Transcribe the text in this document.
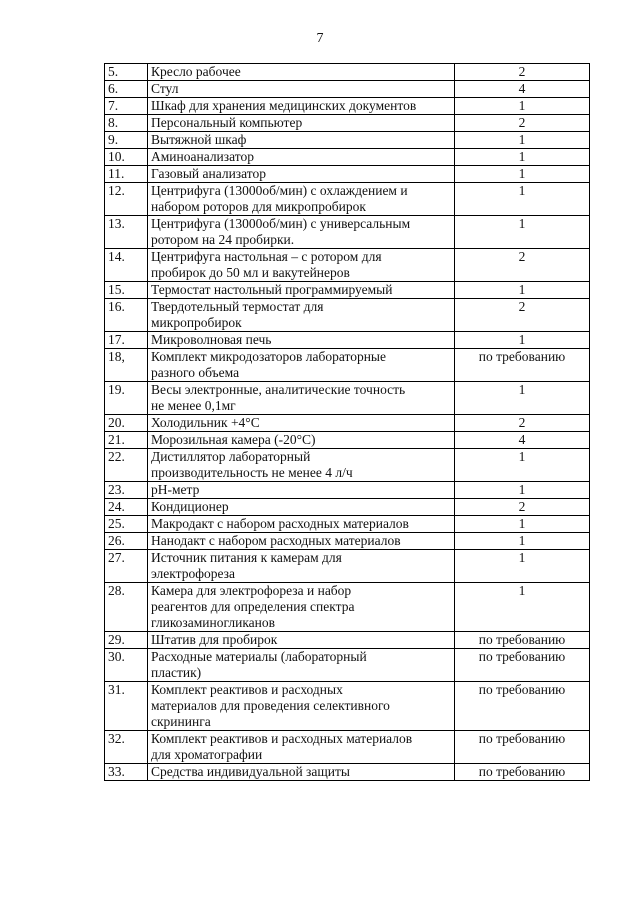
7
5.	Кресло рабочее	2
6.	Стул	4
7.	Шкаф для хранения медицинских документов	1
8.	Персональный компьютер	2
9.	Вытяжной шкаф	1
10.	Аминоанализатор	1
11.	Газовый анализатор	1
12.	Центрифуга (13000об/мин) с охлаждением и
набором роторов для микропробирок	1
13.	Центрифуга (13000об/мин) с универсальным
ротором на 24 пробирки.	1
14.	Центрифуга настольная – с ротором для
пробирок до 50 мл и вакутейнеров	2
15.	Термостат настольный программируемый	1
16.	Твердотельный термостат для
микропробирок	2
17.	Микроволновая печь	1
18,	Комплект микродозаторов лабораторные
разного объема	по требованию
19.	Весы электронные, аналитические точность
не менее 0,1мг	1
20.	Холодильник +4°С	2
21.	Морозильная камера (-20°С)	4
22.	Дистиллятор лабораторный
производительность не менее 4 л/ч	1
23.	рН-метр	1
24.	Кондиционер	2
25.	Макродакт с набором расходных материалов	1
26.	Нанодакт с набором расходных материалов	1
27.	Источник питания к камерам для
электрофореза	1
28.	Камера для электрофореза и набор
реагентов для определения спектра
гликозаминогликанов	1
29.	Штатив для пробирок	по требованию
30.	Расходные материалы (лабораторный
пластик)	по требованию
31.	Комплект реактивов и расходных
материалов для проведения селективного
скрининга	по требованию
32.	Комплект реактивов и расходных материалов
для хроматографии	по требованию
33.	Средства индивидуальной защиты	по требованию
